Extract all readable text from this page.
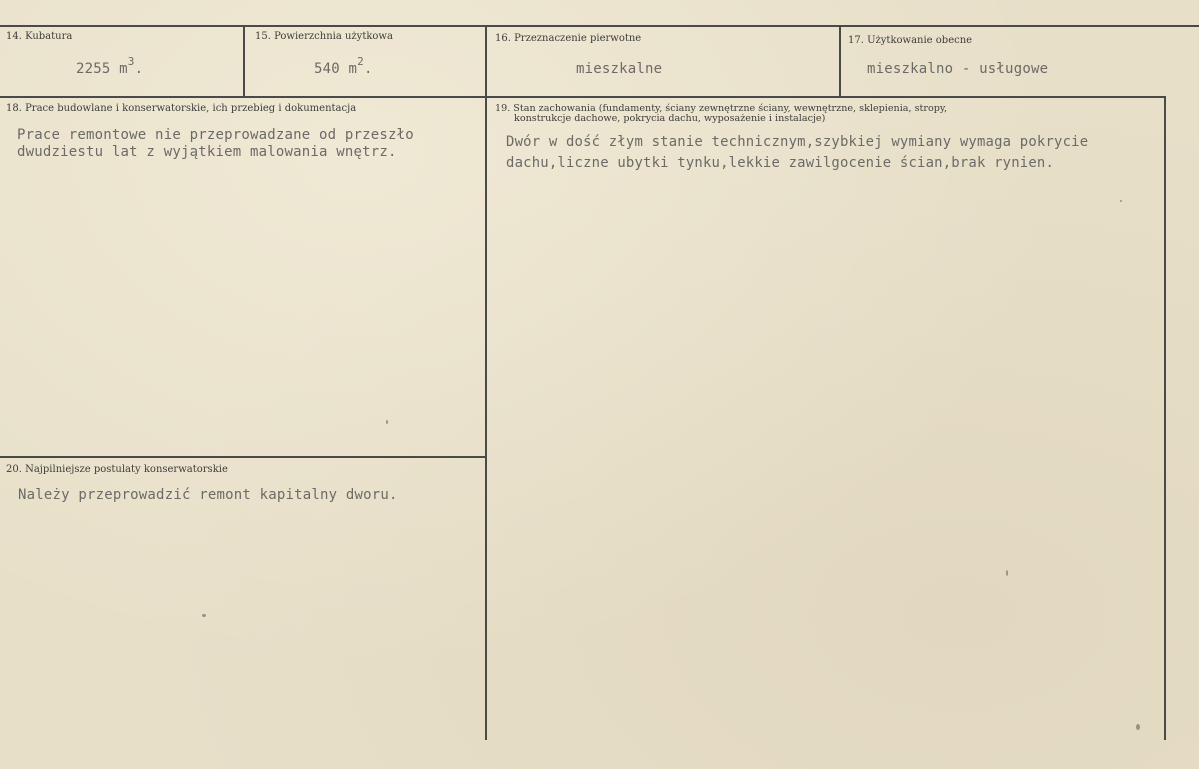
14. Kubatura
2255 $m^3$.
15. Powierzchnia użytkowa
540 $m^2$.
16. Przeznaczenie pierwotne
mieszkalne
17. Użytkowanie obecne
mieszkalno - usługowe
18. Prace budowlane i konserwatorskie, ich przebieg i dokumentacja
Prace remontowe nie przeprowadzane od przeszło
dwudziestu lat z wyjątkiem malowania wnętrz.
19. Stan zachowania (fundamenty, ściany zewnętrzne ściany, wewnętrzne, sklepienia, stropy,
konstrukcje dachowe, pokrycia dachu, wyposażenie i instalacje)
Dwór w dość złym stanie technicznym,szybkiej wymiany wymaga pokrycie
dachu,liczne ubytki tynku,lekkie zawilgocenie ścian,brak rynien.
20. Najpilniejsze postulaty konserwatorskie
Należy przeprowadzić remont kapitalny dworu.
